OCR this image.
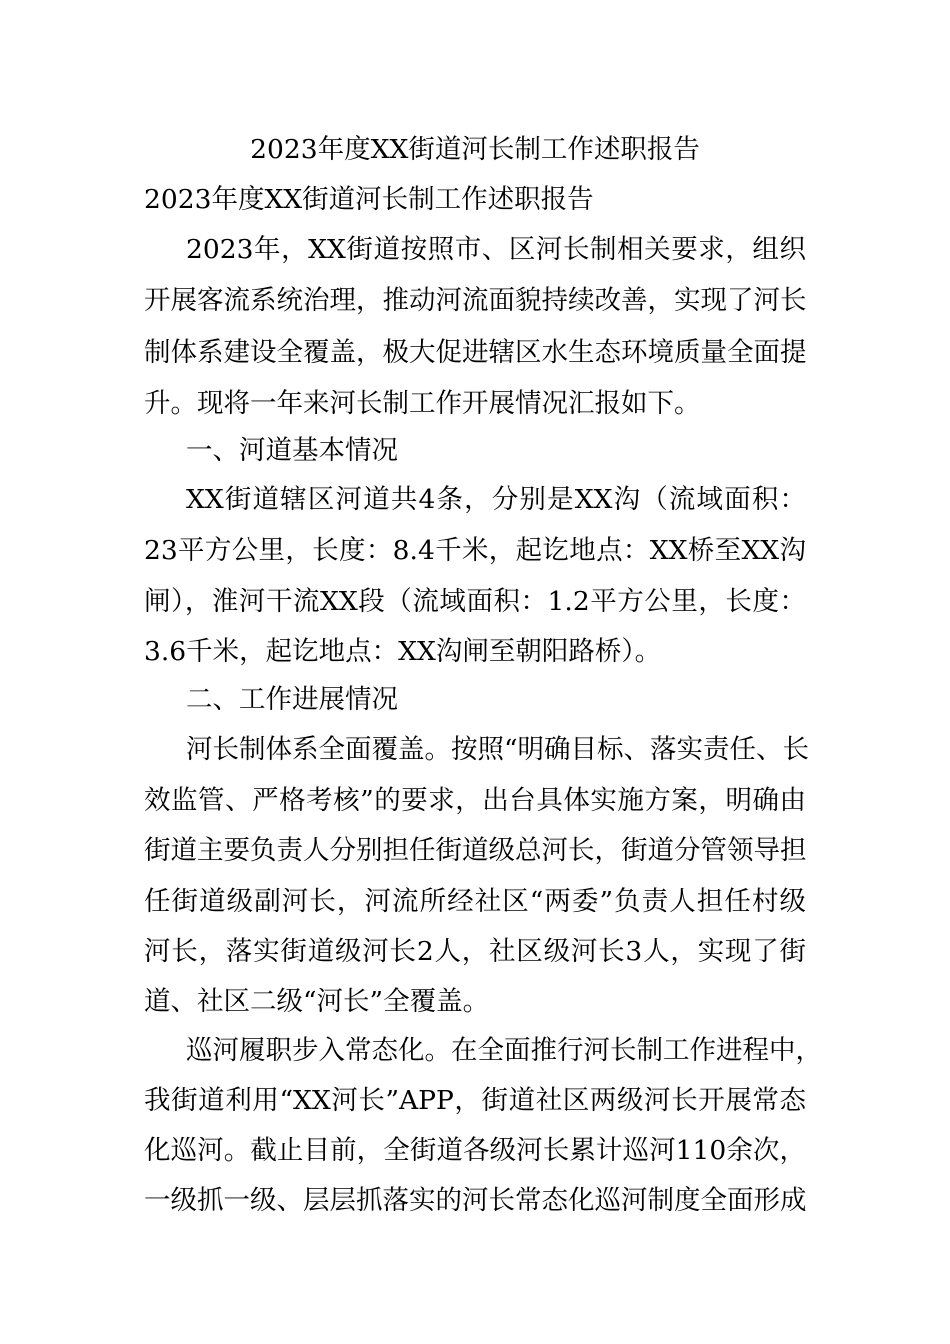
2023年度XX街道河长制工作述职报告
2023年度XX街道河长制工作述职报告
2023年，XX街道按照市、区河长制相关要求，组织
开展客流系统治理，推动河流面貌持续改善，实现了河长
制体系建设全覆盖，极大促进辖区水生态环境质量全面提
升。现将一年来河长制工作开展情况汇报如下。
一、河道基本情况
XX街道辖区河道共4条，分别是XX沟（流域面积：
23平方公里，长度：8.4千米，起讫地点：XX桥至XX沟
闸），淮河干流XX段（流域面积：1.2平方公里，长度：
3.6千米，起讫地点：XX沟闸至朝阳路桥）。
二、工作进展情况
河长制体系全面覆盖。按照“明确目标、落实责任、长
效监管、严格考核”的要求，出台具体实施方案，明确由
街道主要负责人分别担任街道级总河长，街道分管领导担
任街道级副河长，河流所经社区“两委”负责人担任村级
河长，落实街道级河长2人，社区级河长3人，实现了街
道、社区二级“河长”全覆盖。
巡河履职步入常态化。在全面推行河长制工作进程中，
我街道利用“XX河长”APP，街道社区两级河长开展常态
化巡河。截止目前，全街道各级河长累计巡河110余次，
一级抓一级、层层抓落实的河长常态化巡河制度全面形成
